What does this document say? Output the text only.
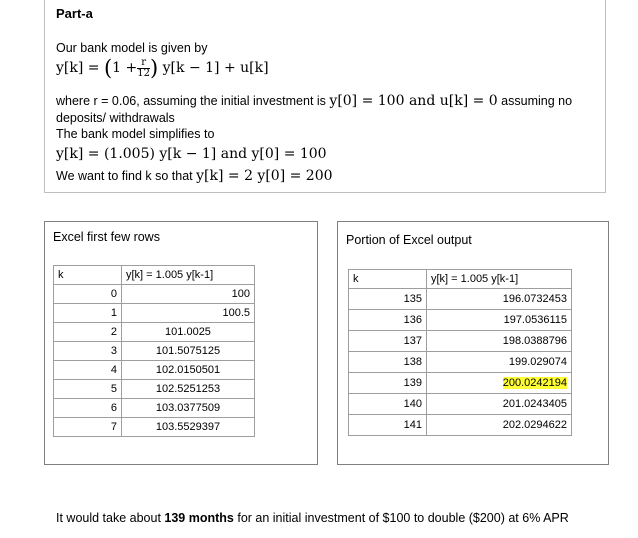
Part-a
Our bank model is given by
$y[k] = (1 + \frac{r}{12}$ ) y[k − 1] + u[k]
where r = 0.06, assuming the initial investment is y[0] = 100 and u[k] = 0 assuming no
deposits/ withdrawals
The bank model simplifies to
y[k] = (1.005) y[k − 1] and y[0] = 100
We want to find k so that y[k] = 2 y[0] = 200
Excel first few rows
k	y[k] = 1.005 y[k-1]
0	100
1	100.5
2	101.0025
3	101.5075125
4	102.0150501
5	102.5251253
6	103.0377509
7	103.5529397
Portion of Excel output
k	y[k] = 1.005 y[k-1]
135	196.0732453
136	197.0536115
137	198.0388796
138	199.029074
139	200.0242194
140	201.0243405
141	202.0294622
It would take about 139 months for an initial investment of $100 to double ($200) at 6% APR
